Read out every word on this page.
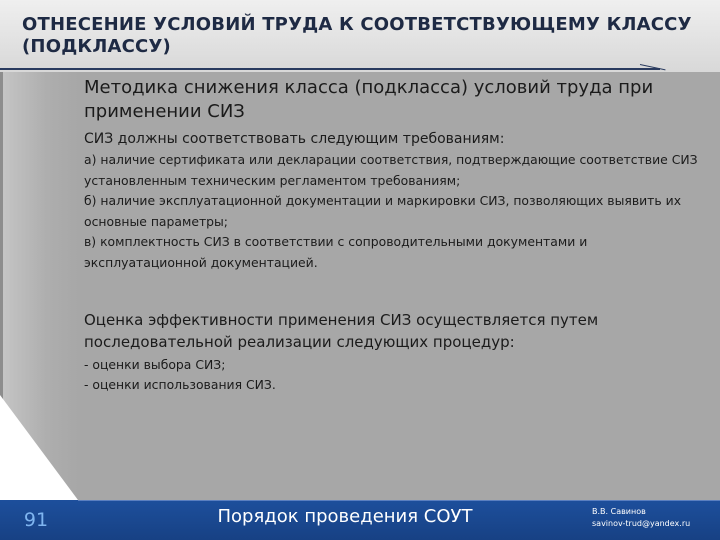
ОТНЕСЕНИЕ УСЛОВИЙ ТРУДА К СООТВЕТСТВУЮЩЕМУ КЛАССУ (ПОДКЛАССУ)

Методика снижения класса (подкласса) условий труда при применении СИЗ

СИЗ должны соответствовать следующим требованиям:

а) наличие сертификата или декларации соответствия, подтверждающие соответствие СИЗ установленным техническим регламентом требованиям;

б) наличие эксплуатационной документации и маркировки СИЗ, позволяющих выявить их основные параметры;

в) комплектность СИЗ в соответствии с сопроводительными документами и эксплуатационной документацией.

Оценка эффективности применения СИЗ осуществляется путем последовательной реализации следующих процедур:

- оценки выбора СИЗ;

- оценки использования СИЗ.

91	Порядок проведения СОУТ	В.В. Савинов
savinov-trud@yandex.ru
